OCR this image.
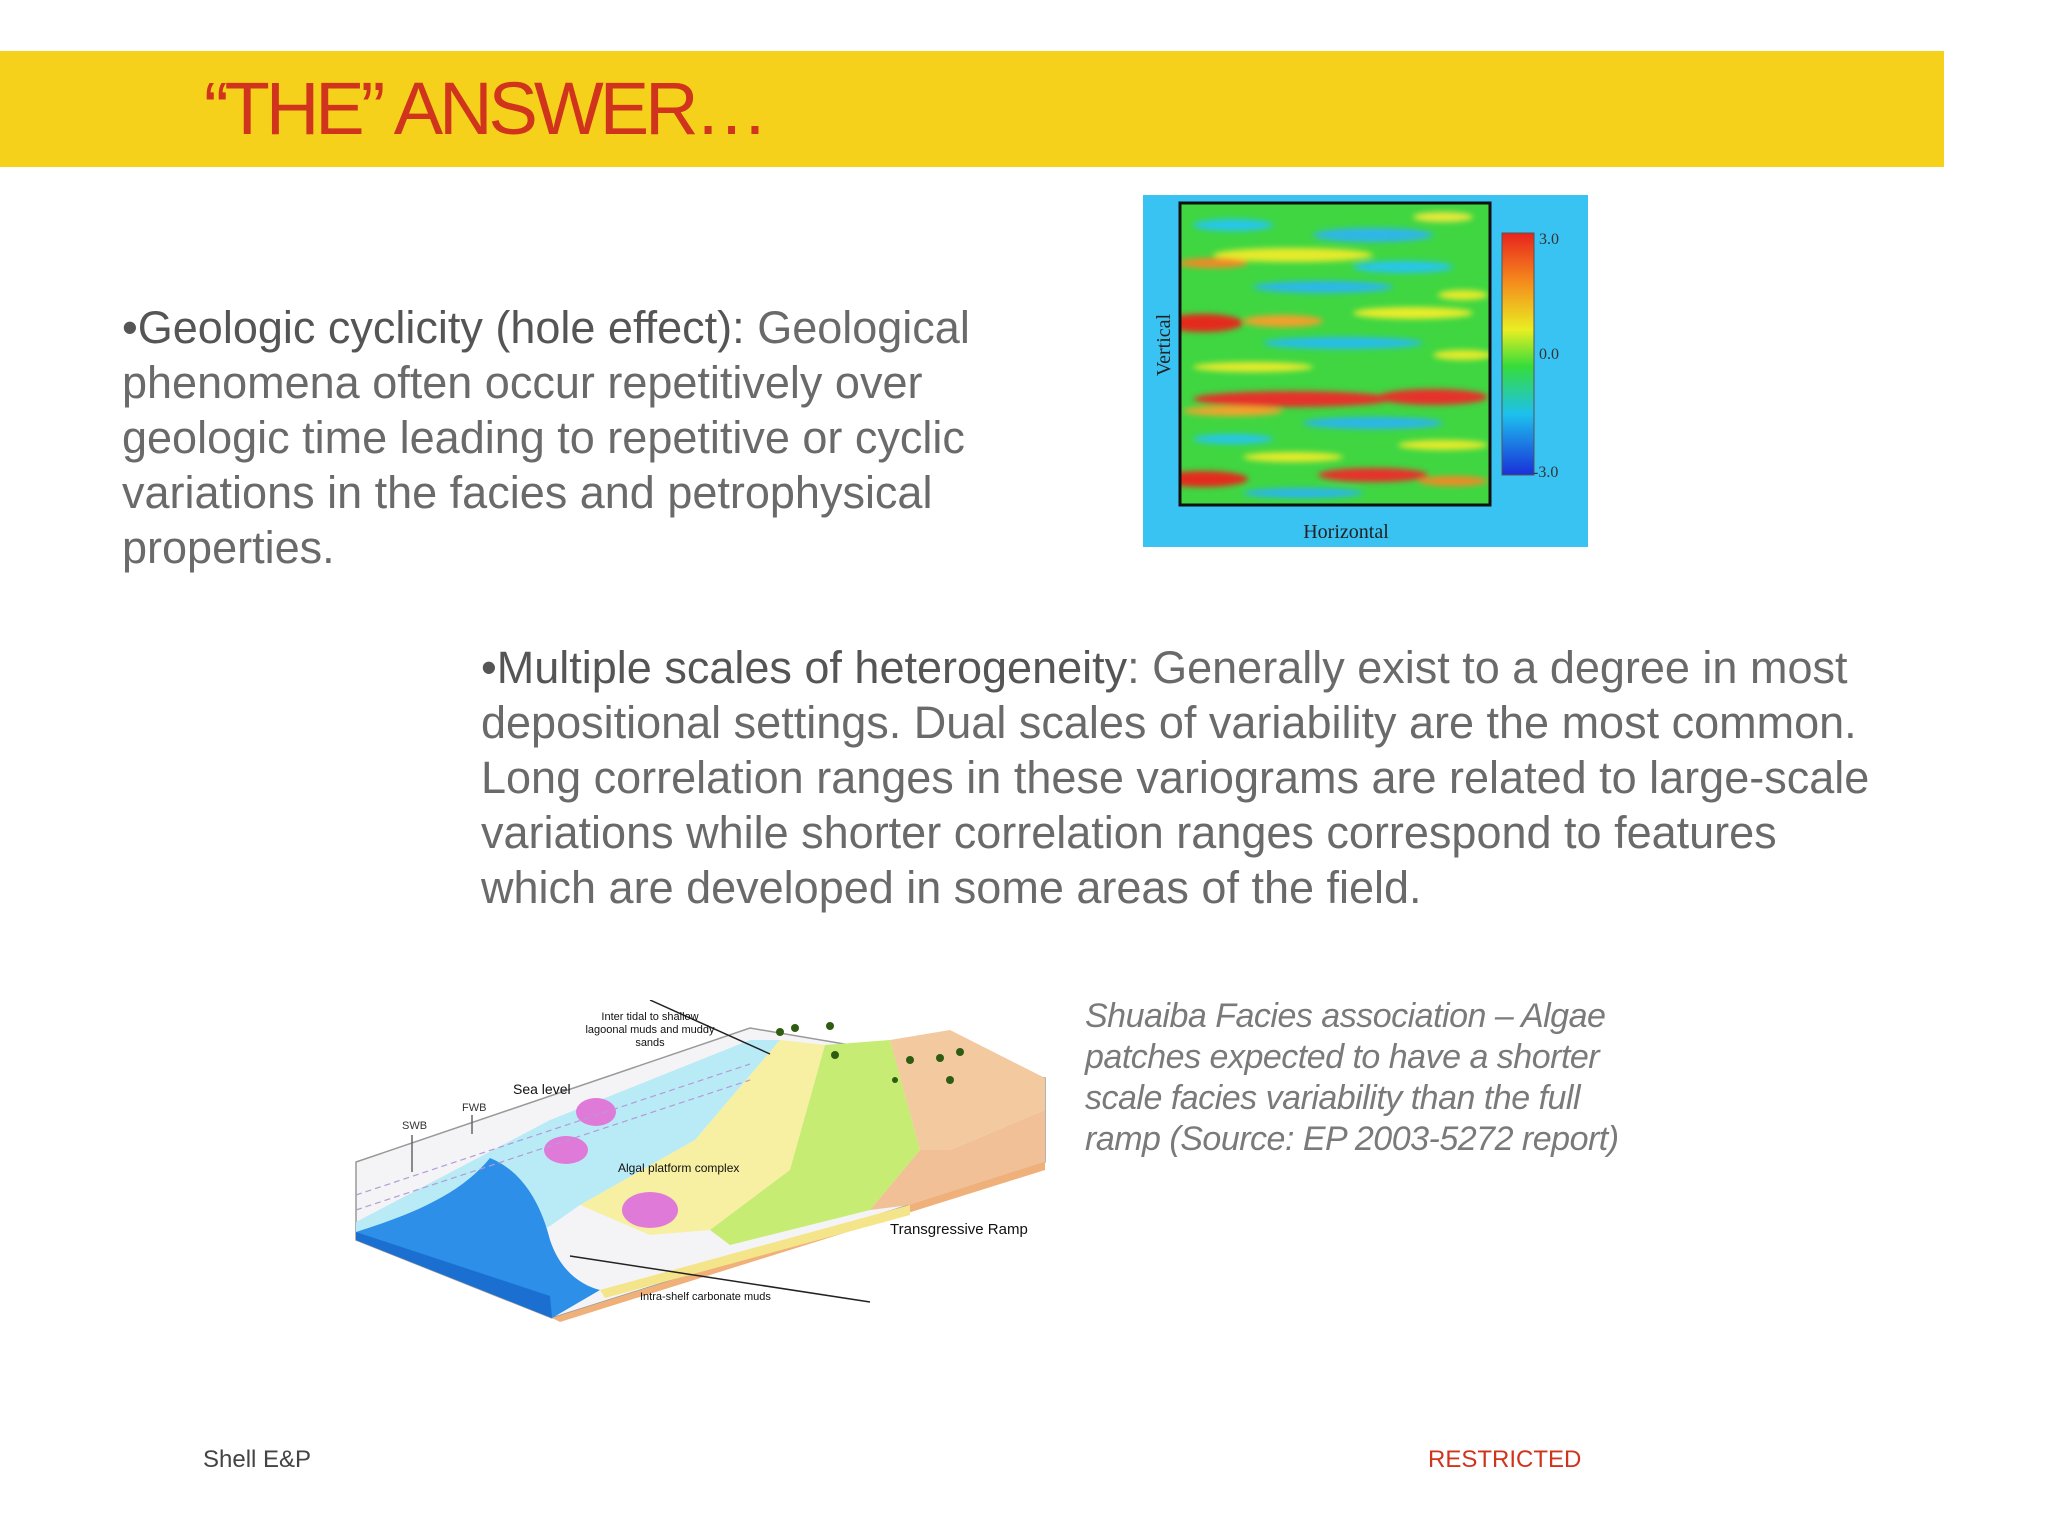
“THE” ANSWER…

•Geologic cyclicity (hole effect): Geological phenomena often occur repetitively over geologic time leading to repetitive or cyclic variations in the facies and petrophysical properties.

3.0
0.0
-3.0
Horizontal
Vertical

•Multiple scales of heterogeneity: Generally exist to a degree in most depositional settings. Dual scales of variability are the most common. Long correlation ranges in these variograms are related to large-scale variations while shorter correlation ranges correspond to features which are developed in some areas of the field.

Inter tidal to shallow
lagoonal muds and muddy
sands
Sea level
FWB
SWB
Algal platform complex
Transgressive Ramp
Intra-shelf carbonate muds

Shuaiba Facies association – Algae patches expected to have a shorter scale facies variability than the full ramp (Source: EP 2003-5272 report)

Shell E&P	RESTRICTED
